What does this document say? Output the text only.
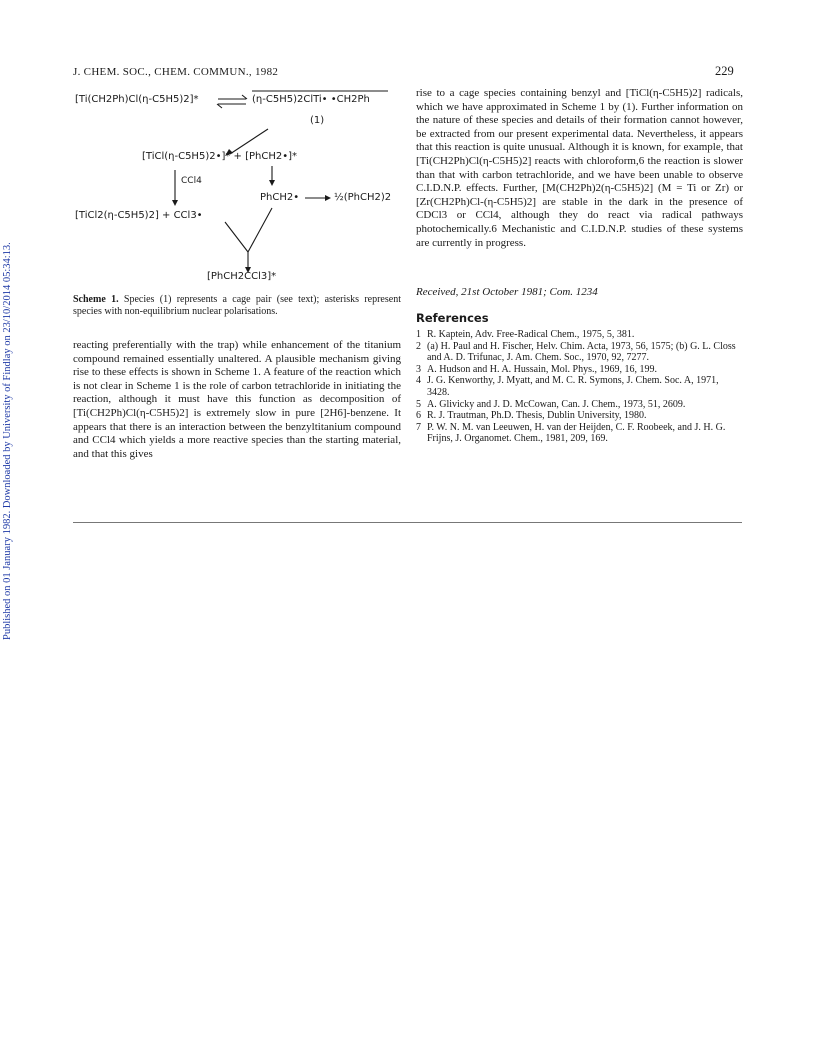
Published on 01 January 1982. Downloaded by University of Findlay on 23/10/2014 05:34:13.
J. CHEM. SOC., CHEM. COMMUN., 1982	229
[Ti(CH2Ph)Cl(η-C5H5)2]*	(η-C5H5)2ClTi• •CH2Ph
(1)
[TiCl(η-C5H5)2•]* + [PhCH2•]*
CCl4
PhCH2•	½(PhCH2)2
[TiCl2(η-C5H5)2] + CCl3•
[PhCH2CCl3]*
Scheme 1. Species (1) represents a cage pair (see text); asterisks represent species with non-equilibrium nuclear polarisations.
reacting preferentially with the trap) while enhancement of the titanium compound remained essentially unaltered. A plausible mechanism giving rise to these effects is shown in Scheme 1. A feature of the reaction which is not clear in Scheme 1 is the role of carbon tetrachloride in initiating the reaction, although it must have this function as decomposition of [Ti(CH2Ph)Cl(η-C5H5)2] is extremely slow in pure [2H6]-benzene. It appears that there is an interaction between the benzyltitanium compound and CCl4 which yields a more reactive species than the starting material, and that this gives
rise to a cage species containing benzyl and [TiCl(η-C5H5)2] radicals, which we have approximated in Scheme 1 by (1). Further information on the nature of these species and details of their formation cannot however, be extracted from our present experimental data. Nevertheless, it appears that this reaction is quite unusual. Although it is known, for example, that [Ti(CH2Ph)Cl(η-C5H5)2] reacts with chloroform,6 the reaction is slower than that with carbon tetrachloride, and we have been unable to observe C.I.D.N.P. effects. Further, [M(CH2Ph)2(η-C5H5)2] (M = Ti or Zr) or [Zr(CH2Ph)Cl-(η-C5H5)2] are stable in the dark in the presence of CDCl3 or CCl4, although they do react via radical pathways photochemically.6 Mechanistic and C.I.D.N.P. studies of these systems are currently in progress.
Received, 21st October 1981; Com. 1234
References
1 R. Kaptein, Adv. Free-Radical Chem., 1975, 5, 381.
2 (a) H. Paul and H. Fischer, Helv. Chim. Acta, 1973, 56, 1575; (b) G. L. Closs and A. D. Trifunac, J. Am. Chem. Soc., 1970, 92, 7277.
3 A. Hudson and H. A. Hussain, Mol. Phys., 1969, 16, 199.
4 J. G. Kenworthy, J. Myatt, and M. C. R. Symons, J. Chem. Soc. A, 1971, 3428.
5 A. Glivicky and J. D. McCowan, Can. J. Chem., 1973, 51, 2609.
6 R. J. Trautman, Ph.D. Thesis, Dublin University, 1980.
7 P. W. N. M. van Leeuwen, H. van der Heijden, C. F. Roobeek, and J. H. G. Frijns, J. Organomet. Chem., 1981, 209, 169.
